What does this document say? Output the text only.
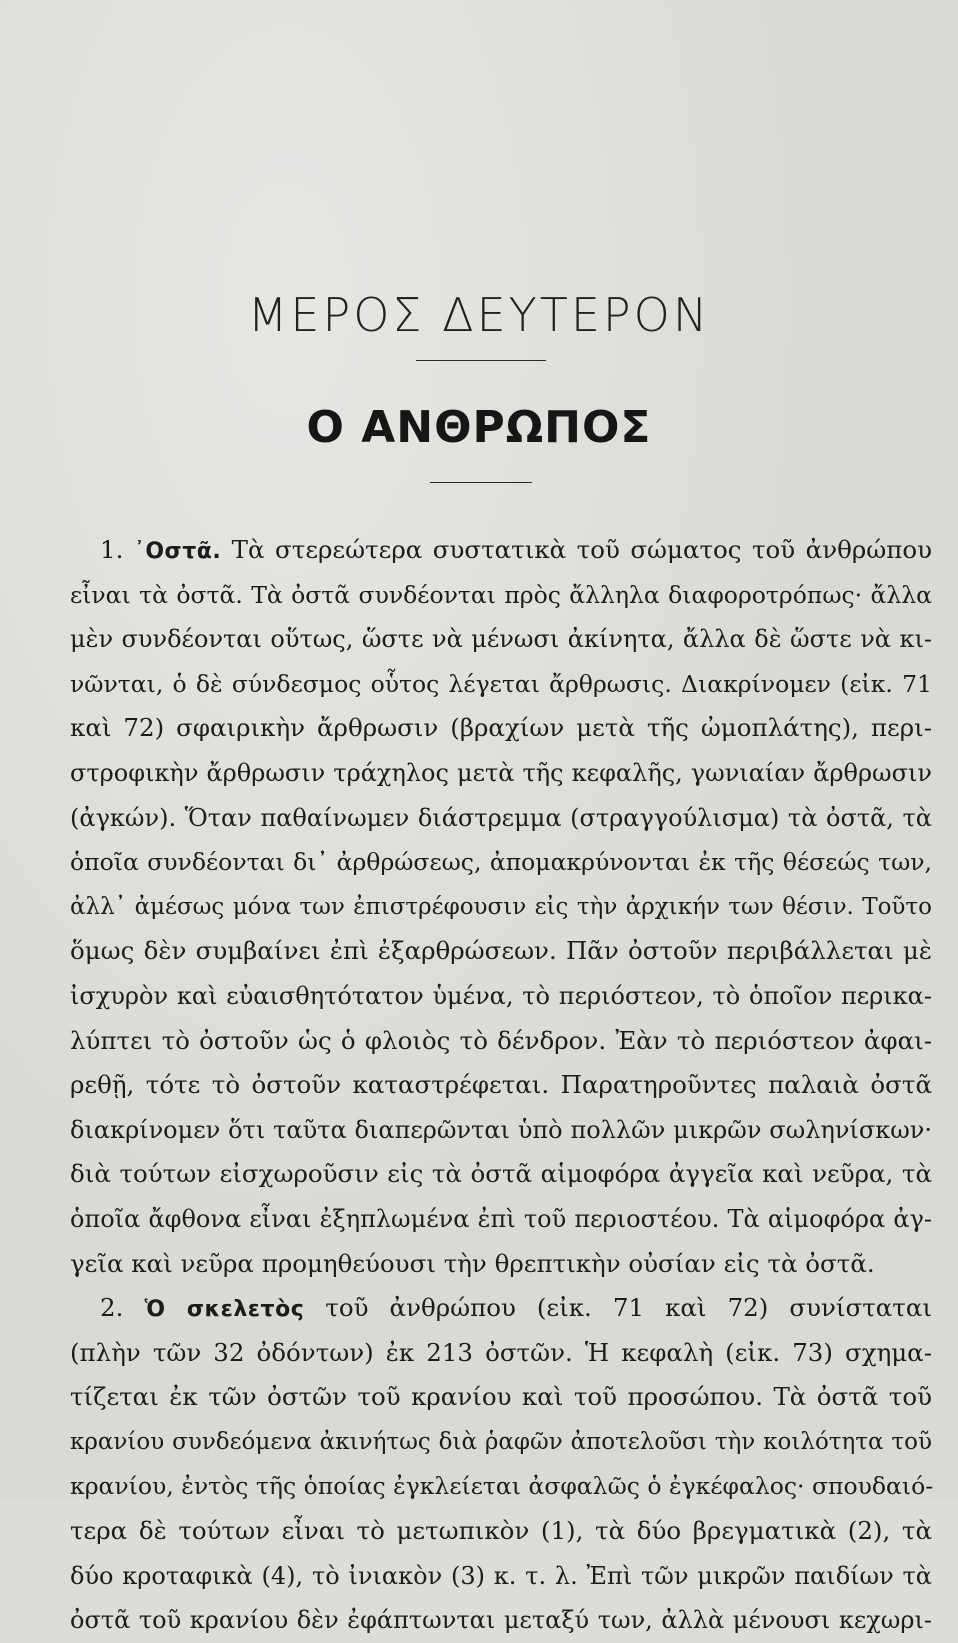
ΜΕΡΟΣ ΔΕΥΤΕΡΟΝ
Ο ΑΝΘΡΩΠΟΣ
1. ᾿Οστᾶ. Τὰ στερεώτερα συστατικὰ τοῦ σώματος τοῦ ἀνθρώπου
εἶναι τὰ ὀστᾶ. Τὰ ὀστᾶ συνδέονται πρὸς ἄλληλα διαφοροτρόπως· ἄλλα
μὲν συνδέονται οὕτως, ὥστε νὰ μένωσι ἀκίνητα, ἄλλα δὲ ὥστε νὰ κι-
νῶνται, ὁ δὲ σύνδεσμος οὗτος λέγεται ἄρθρωσις. Διακρίνομεν (εἰκ. 71
καὶ 72) σφαιρικὴν ἄρθρωσιν (βραχίων μετὰ τῆς ὠμοπλάτης), περι-
στροφικὴν ἄρθρωσιν τράχηλος μετὰ τῆς κεφαλῆς, γωνιαίαν ἄρθρωσιν
(ἀγκών). Ὅταν παθαίνωμεν διάστρεμμα (στραγγούλισμα) τὰ ὀστᾶ, τὰ
ὁποῖα συνδέονται δι᾿ ἀρθρώσεως, ἀπομακρύνονται ἐκ τῆς θέσεώς των,
ἀλλ᾿ ἀμέσως μόνα των ἐπιστρέφουσιν εἰς τὴν ἀρχικήν των θέσιν. Τοῦτο
ὅμως δὲν συμβαίνει ἐπὶ ἐξαρθρώσεων. Πᾶν ὀστοῦν περιβάλλεται μὲ
ἰσχυρὸν καὶ εὐαισθητότατον ὑμένα, τὸ περιόστεον, τὸ ὁποῖον περικα-
λύπτει τὸ ὀστοῦν ὡς ὁ φλοιὸς τὸ δένδρον. Ἐὰν τὸ περιόστεον ἀφαι-
ρεθῇ, τότε τὸ ὀστοῦν καταστρέφεται. Παρατηροῦντες παλαιὰ ὀστᾶ
διακρίνομεν ὅτι ταῦτα διαπερῶνται ὑπὸ πολλῶν μικρῶν σωληνίσκων·
διὰ τούτων εἰσχωροῦσιν εἰς τὰ ὀστᾶ αἱμοφόρα ἀγγεῖα καὶ νεῦρα, τὰ
ὁποῖα ἄφθονα εἶναι ἐξηπλωμένα ἐπὶ τοῦ περιοστέου. Τὰ αἱμοφόρα ἀγ-
γεῖα καὶ νεῦρα προμηθεύουσι τὴν θρεπτικὴν οὐσίαν εἰς τὰ ὀστᾶ.
2. Ὁ σκελετὸς τοῦ ἀνθρώπου (εἰκ. 71 καὶ 72) συνίσταται
(πλὴν τῶν 32 ὀδόντων) ἐκ 213 ὀστῶν. Ἡ κεφαλὴ (εἰκ. 73) σχημα-
τίζεται ἐκ τῶν ὀστῶν τοῦ κρανίου καὶ τοῦ προσώπου. Τὰ ὀστᾶ τοῦ
κρανίου συνδεόμενα ἀκινήτως διὰ ῥαφῶν ἀποτελοῦσι τὴν κοιλότητα τοῦ
κρανίου, ἐντὸς τῆς ὁποίας ἐγκλείεται ἀσφαλῶς ὁ ἐγκέφαλος· σπουδαιό-
τερα δὲ τούτων εἶναι τὸ μετωπικὸν (1), τὰ δύο βρεγματικὰ (2), τὰ
δύο κροταφικὰ (4), τὸ ἰνιακὸν (3) κ. τ. λ. Ἐπὶ τῶν μικρῶν παιδίων τὰ
ὀστᾶ τοῦ κρανίου δὲν ἐφάπτωνται μεταξύ των, ἀλλὰ μένουσι κεχωρι-
